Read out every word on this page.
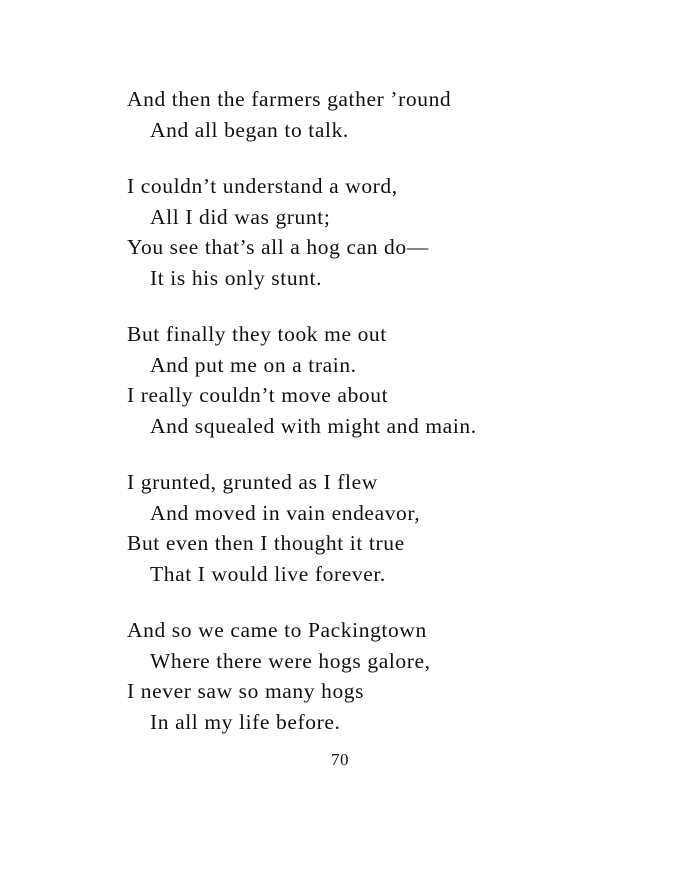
And then the farmers gather ’round
And all began to talk.
I couldn’t understand a word,
All I did was grunt;
You see that’s all a hog can do—
It is his only stunt.
But finally they took me out
And put me on a train.
I really couldn’t move about
And squealed with might and main.
I grunted, grunted as I flew
And moved in vain endeavor,
But even then I thought it true
That I would live forever.
And so we came to Packingtown
Where there were hogs galore,
I never saw so many hogs
In all my life before.
70
